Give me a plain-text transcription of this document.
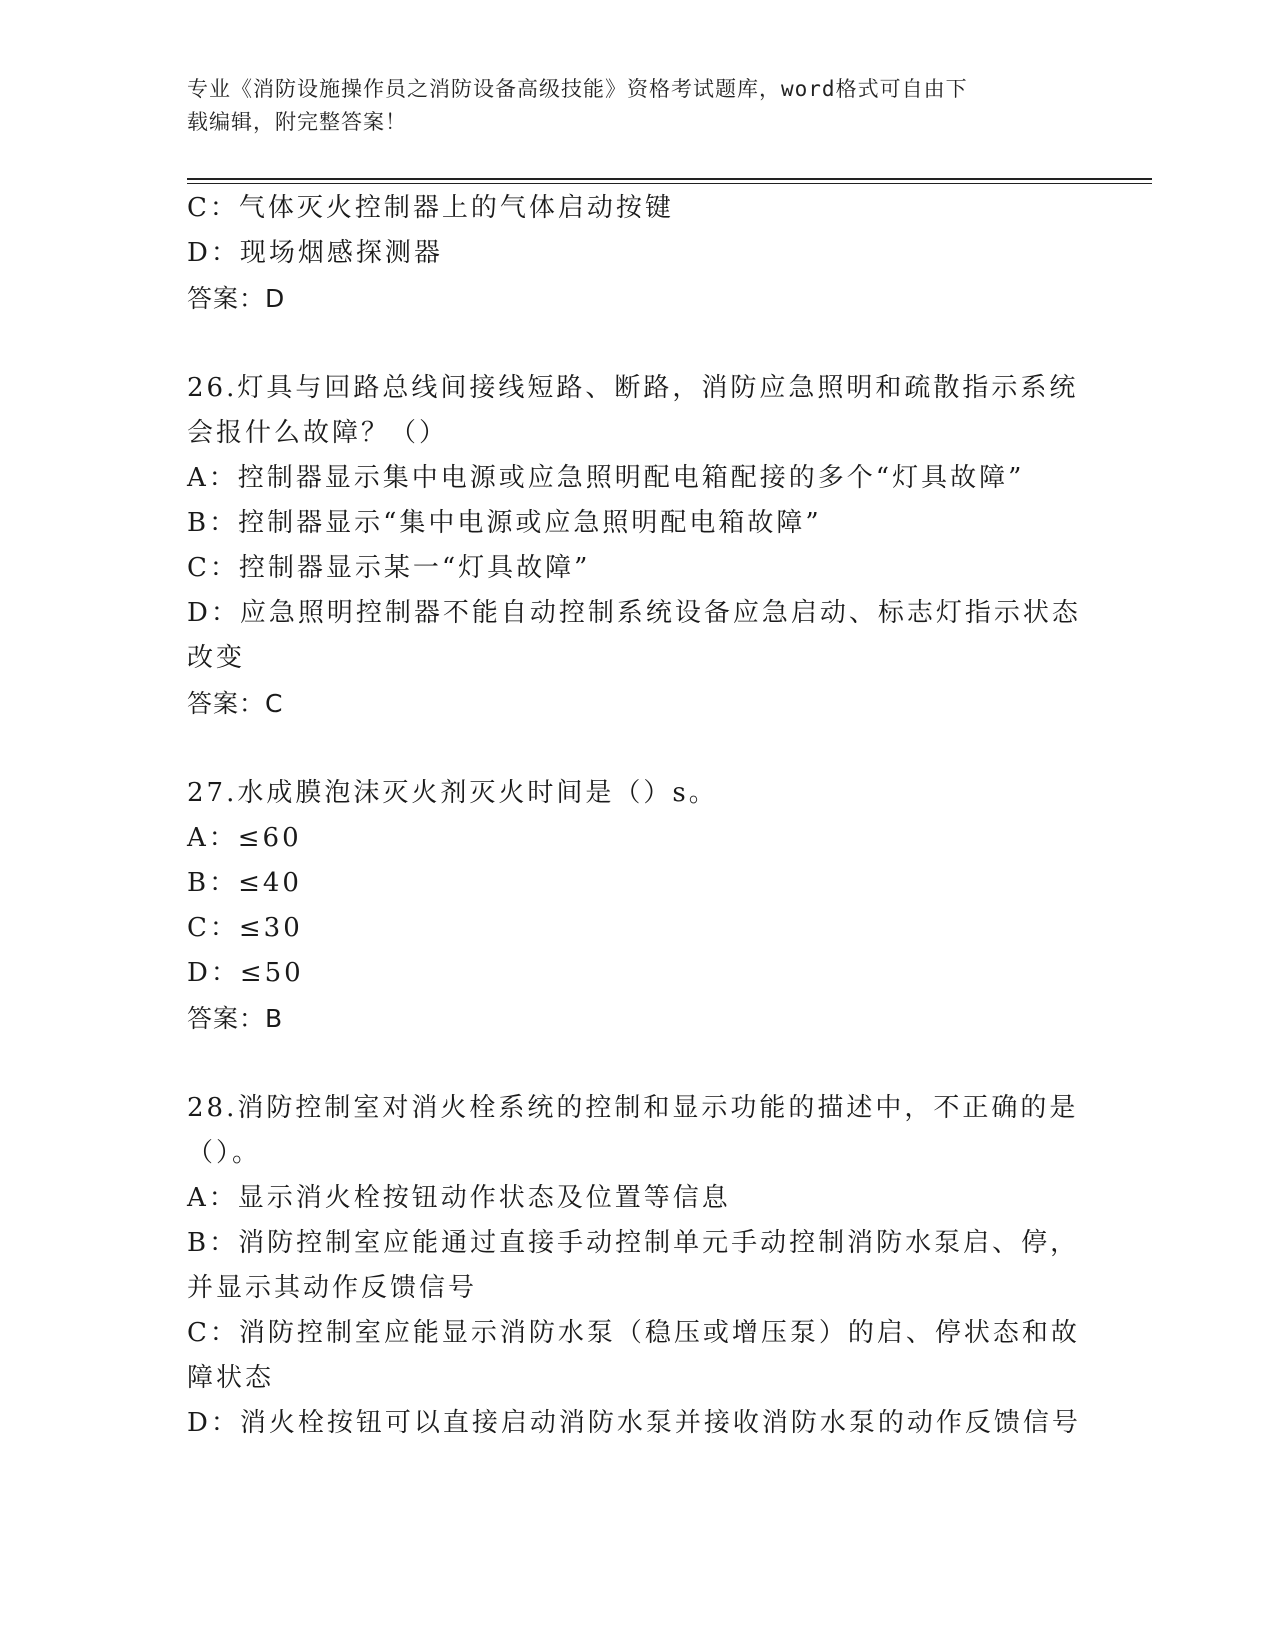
专业《消防设施操作员之消防设备高级技能》资格考试题库，word格式可自由下
载编辑，附完整答案！
C：气体灭火控制器上的气体启动按键
D：现场烟感探测器
答案：D
26.灯具与回路总线间接线短路、断路，消防应急照明和疏散指示系统
会报什么故障？（）
A：控制器显示集中电源或应急照明配电箱配接的多个“灯具故障”
B：控制器显示“集中电源或应急照明配电箱故障”
C：控制器显示某一“灯具故障”
D：应急照明控制器不能自动控制系统设备应急启动、标志灯指示状态
改变
答案：C
27.水成膜泡沫灭火剂灭火时间是（）s。
A：≤60
B：≤40
C：≤30
D：≤50
答案：B
28.消防控制室对消火栓系统的控制和显示功能的描述中，不正确的是
（）。
A：显示消火栓按钮动作状态及位置等信息
B：消防控制室应能通过直接手动控制单元手动控制消防水泵启、停，
并显示其动作反馈信号
C：消防控制室应能显示消防水泵（稳压或增压泵）的启、停状态和故
障状态
D：消火栓按钮可以直接启动消防水泵并接收消防水泵的动作反馈信号
